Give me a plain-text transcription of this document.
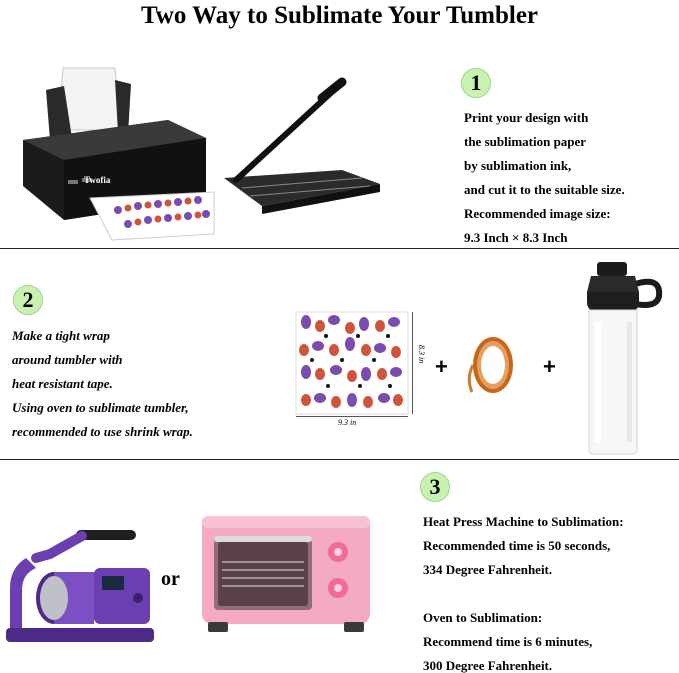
Two Way to Sublimate Your Tumbler
1
Print your design with
the sublimation paper
by sublimation ink,
and cut it to the suitable size.
Recommended image size:
9.3 Inch × 8.3 Inch
Twofia
2
Make a tight wrap
around tumbler with
heat resistant tape.
Using oven to sublimate tumbler,
recommended to use shrink wrap.
9.3 in
8.3 in +	+
3
Heat Press Machine to Sublimation:
Recommended time is 50 seconds,
334 Degree Fahrenheit.
Oven to Sublimation:
Recommend time is 6 minutes,
300 Degree Fahrenheit.
or
